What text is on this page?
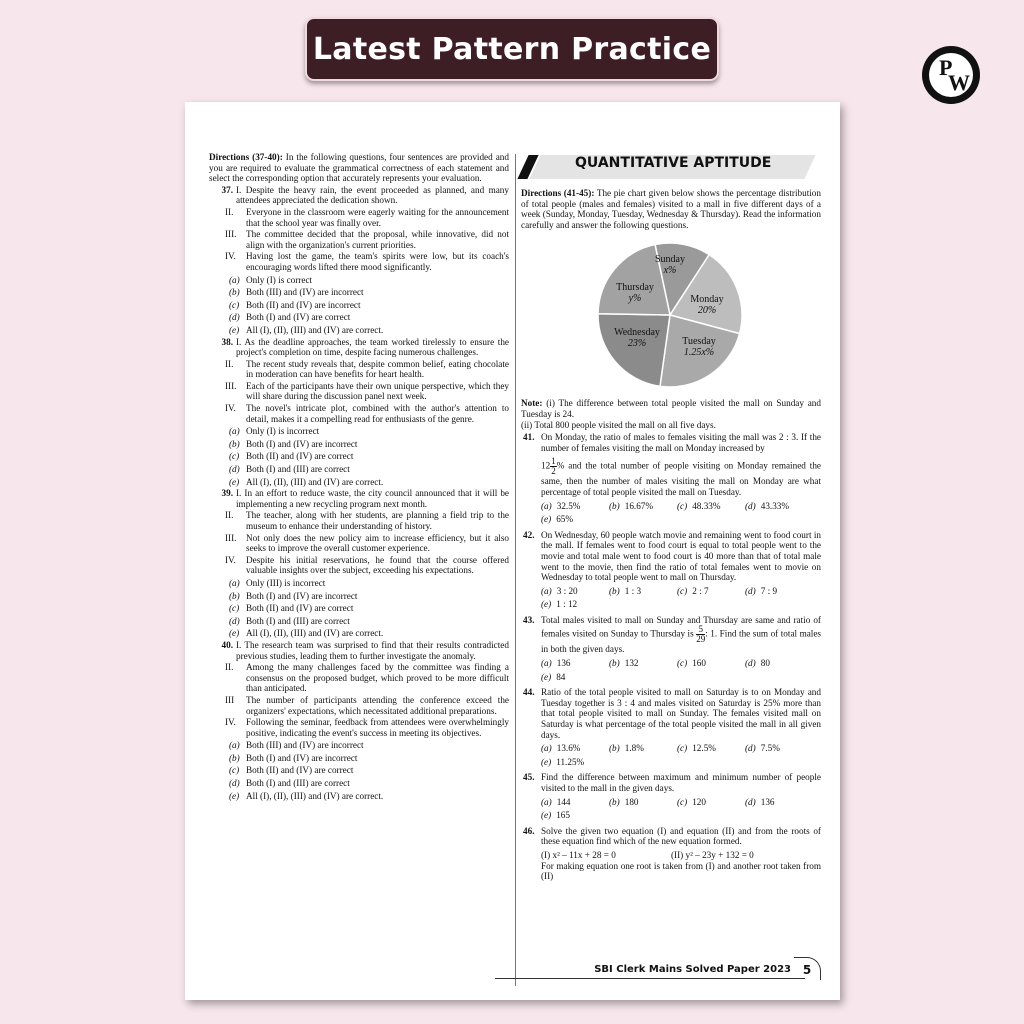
Latest Pattern Practice
P
W

Directions (37-40): In the following questions, four sentences are provided and you are required to evaluate the grammatical correctness of each statement and select the corresponding option that accurately represents your evaluation.

37. I. Despite the heavy rain, the event proceeded as planned, and many attendees appreciated the dedication shown.
II. Everyone in the classroom were eagerly waiting for the announcement that the school year was finally over.
III. The committee decided that the proposal, while innovative, did not align with the organization's current priorities.
IV. Having lost the game, the team's spirits were low, but its coach's encouraging words lifted there mood significantly.
(a) Only (I) is correct
(b) Both (III) and (IV) are incorrect
(c) Both (II) and (IV) are incorrect
(d) Both (I) and (IV) are correct
(e) All (I), (II), (III) and (IV) are correct.
38. I. As the deadline approaches, the team worked tirelessly to ensure the project's completion on time, despite facing numerous challenges.
II. The recent study reveals that, despite common belief, eating chocolate in moderation can have benefits for heart health.
III. Each of the participants have their own unique perspective, which they will share during the discussion panel next week.
IV. The novel's intricate plot, combined with the author's attention to detail, makes it a compelling read for enthusiasts of the genre.
(a) Only (I) is incorrect
(b) Both (I) and (IV) are incorrect
(c) Both (II) and (IV) are correct
(d) Both (I) and (III) are correct
(e) All (I), (II), (III) and (IV) are correct.
39. I. In an effort to reduce waste, the city council announced that it will be implementing a new recycling program next month.
II. The teacher, along with her students, are planning a field trip to the museum to enhance their understanding of history.
III. Not only does the new policy aim to increase efficiency, but it also seeks to improve the overall customer experience.
IV. Despite his initial reservations, he found that the course offered valuable insights over the subject, exceeding his expectations.
(a) Only (III) is incorrect
(b) Both (I) and (IV) are incorrect
(c) Both (II) and (IV) are correct
(d) Both (I) and (III) are correct
(e) All (I), (II), (III) and (IV) are correct.
40. I. The research team was surprised to find that their results contradicted previous studies, leading them to further investigate the anomaly.
II. Among the many challenges faced by the committee was finding a consensus on the proposed budget, which proved to be more difficult than anticipated.
III The number of participants attending the conference exceed the organizers' expectations, which necessitated additional preparations.
IV. Following the seminar, feedback from attendees were overwhelmingly positive, indicating the event's success in meeting its objectives.
(a) Both (III) and (IV) are incorrect
(b) Both (I) and (IV) are incorrect
(c) Both (II) and (IV) are correct
(d) Both (I) and (III) are correct
(e) All (I), (II), (III) and (IV) are correct.
QUANTITATIVE APTITUDE

Directions (41-45): The pie chart given below shows the percentage distribution of total people (males and females) visited to a mall in five different days of a week (Sunday, Monday, Tuesday, Wednesday & Thursday). Read the information carefully and answer the following questions.

Sunday
x%
Monday
20%
Tuesday
1.25x%
Wednesday
23%
Thursday
y%

Note: (i) The difference between total people visited the mall on Sunday and Tuesday is 24.

(ii) Total 800 people visited the mall on all five days.

41. On Monday, the ratio of males to females visiting the mall was 2 : 3. If the number of females visiting the mall on Monday increased by

$12 \frac{1}{2}\%$ and the total number of people visiting on Monday remained the same, then the number of males visiting the mall on Monday are what percentage of total people visited the mall on Tuesday.

(a) 32.5%	(b) 16.67%	(c) 48.33%	(d) 43.33%
(e) 65%
42. On Wednesday, 60 people watch movie and remaining went to food court in the mall. If females went to food court is equal to total people went to the movie and total male went to food court is 40 more than that of total male went to the movie, then find the ratio of total females went to movie on Wednesday to total people went to mall on Thursday.

(a) 3 : 20	(b) 1 : 3	(c) 2 : 7	(d) 7 : 9
(e) 1 : 12
43. Total males visited to mall on Sunday and Thursday are same and ratio of females visited on Sunday to Thursday is $\frac{5}{29}$: 1. Find the sum of total males in both the given days.

(a) 136	(b) 132	(c) 160	(d) 80
(e) 84
44. Ratio of the total people visited to mall on Saturday is to on Monday and Tuesday together is 3 : 4 and males visited on Saturday is 25% more than that total people visited to mall on Sunday. The females visited mall on Saturday is what percentage of the total people visited the mall in all given days.

(a) 13.6%	(b) 1.8%	(c) 12.5%	(d) 7.5%
(e) 11.25%
45. Find the difference between maximum and minimum number of people visited to the mall in the given days.

(a) 144	(b) 180	(c) 120	(d) 136
(e) 165
46. Solve the given two equation (I) and equation (II) and from the roots of these equation find which of the new equation formed.

(I) x² – 11x + 28 = 0	(II) y² – 23y + 132 = 0

For making equation one root is taken from (I) and another root taken from (II)

SBI Clerk Mains Solved Paper 2023 5
